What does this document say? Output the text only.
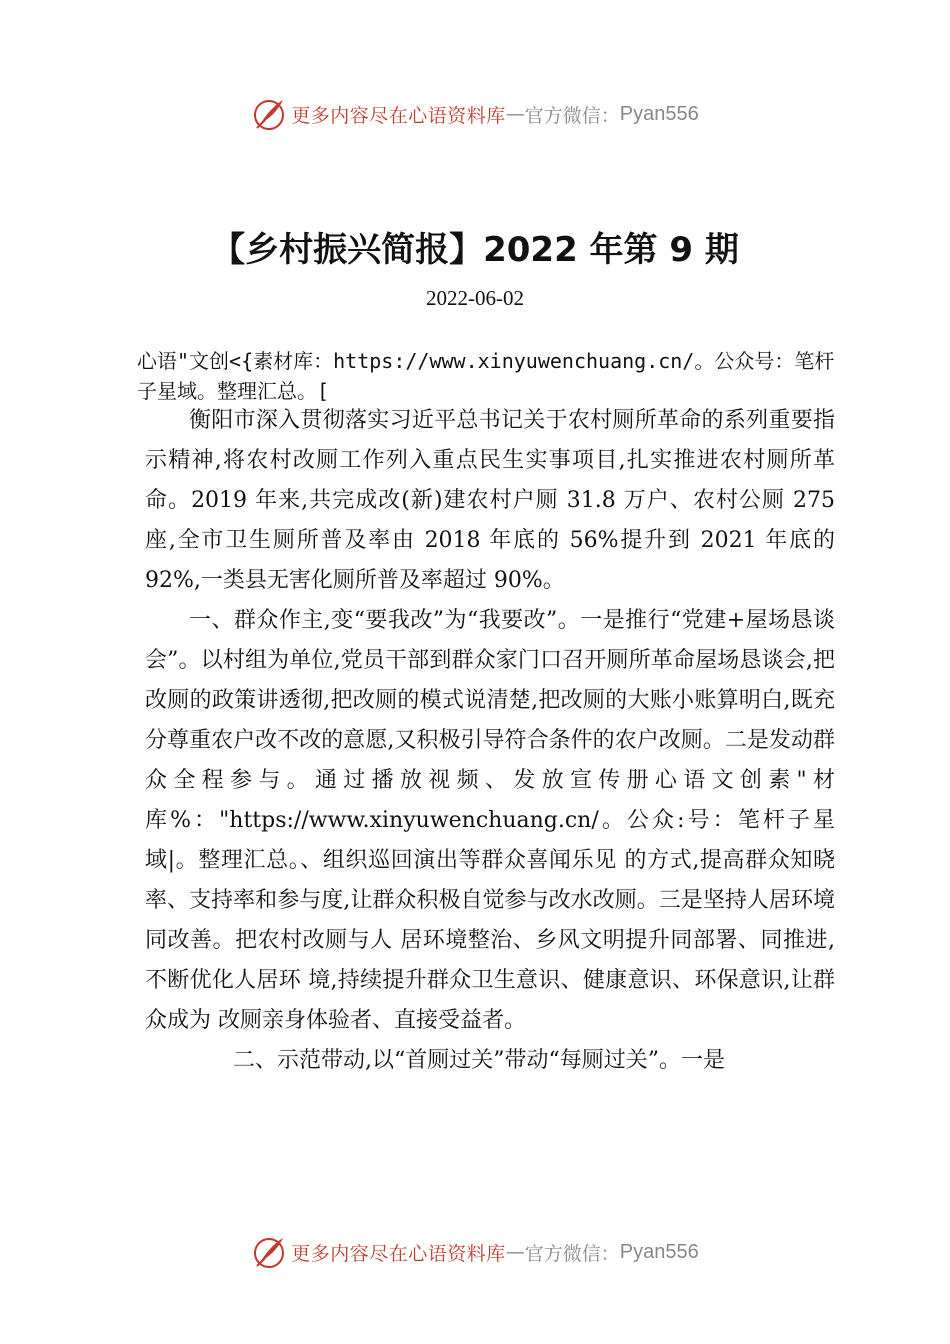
更多内容尽在心语资料库 — 官方微信： Pyan556
【乡村振兴简报】2022 年第 9 期
2022-06-02
心语"文创<{素材库：https://www.xinyuwenchuang.cn/。公众号：笔杆子星域。整理汇总。[

衡阳市深入贯彻落实习近平总书记关于农村厕所革命的系列重要指示精神,将农村改厕工作列入重点民生实事项目,扎实推进农村厕所革命。2019 年来,共完成改(新)建农村户厕 31.8 万户、农村公厕 275 座,全市卫生厕所普及率由 2018 年底的 56%提升到 2021 年底的 92%,一类县无害化厕所普及率超过 90%。

一、群众作主,变“要我改”为“我要改”。一是推行“党建+屋场恳谈会”。以村组为单位,党员干部到群众家门口召开厕所革命屋场恳谈会,把改厕的政策讲透彻,把改厕的模式说清楚,把改厕的大账小账算明白,既充分尊重农户改不改的意愿,又积极引导符合条件的农户改厕。二是发动群众全程参与。通过播放视频、发放宣传册心语文创素"材库%："https://www.xinyuwenchuang.cn/。公众:号：笔杆子星域|。整理汇总。、组织巡回演出等群众喜闻乐见 的方式,提高群众知晓率、支持率和参与度,让群众积极自觉参与改水改厕。三是坚持人居环境同改善。把农村改厕与人 居环境整治、乡风文明提升同部署、同推进,不断优化人居环 境,持续提升群众卫生意识、健康意识、环保意识,让群众成为 改厕亲身体验者、直接受益者。

二、示范带动,以“首厕过关”带动“每厕过关”。一是

更多内容尽在心语资料库 — 官方微信： Pyan556
